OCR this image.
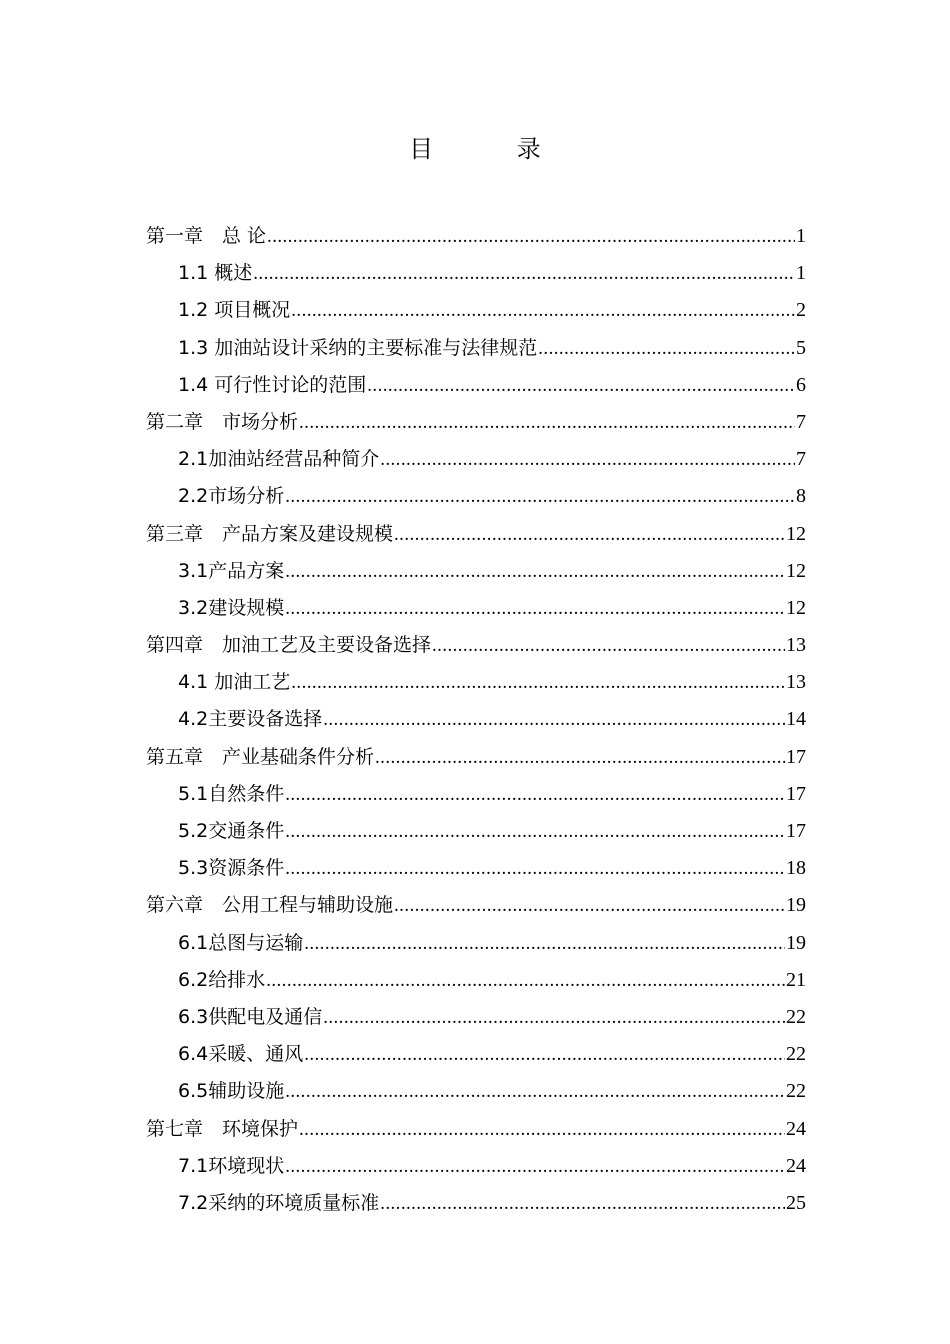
目 录
第一章　总 论 .....	1
1.1 概述 .....	1
1.2 项目概况 .....	2
1.3 加油站设计采纳的主要标准与法律规范 .....	5
1.4 可行性讨论的范围 .....	6
第二章　市场分析 .....	7
2.1加油站经营品种简介 .....	7
2.2市场分析 .....	8
第三章　产品方案及建设规模 .....	12
3.1产品方案 .....	12
3.2建设规模 .....	12
第四章　加油工艺及主要设备选择 .....	13
4.1 加油工艺 .....	13
4.2主要设备选择 .....	14
第五章　产业基础条件分析 .....	17
5.1自然条件 .....	17
5.2交通条件 .....	17
5.3资源条件 .....	18
第六章　公用工程与辅助设施 .....	19
6.1总图与运输 .....	19
6.2给排水 .....	21
6.3供配电及通信 .....	22
6.4采暖、通风 .....	22
6.5辅助设施 .....	22
第七章　环境保护 .....	24
7.1环境现状 .....	24
7.2采纳的环境质量标准 .....	25
